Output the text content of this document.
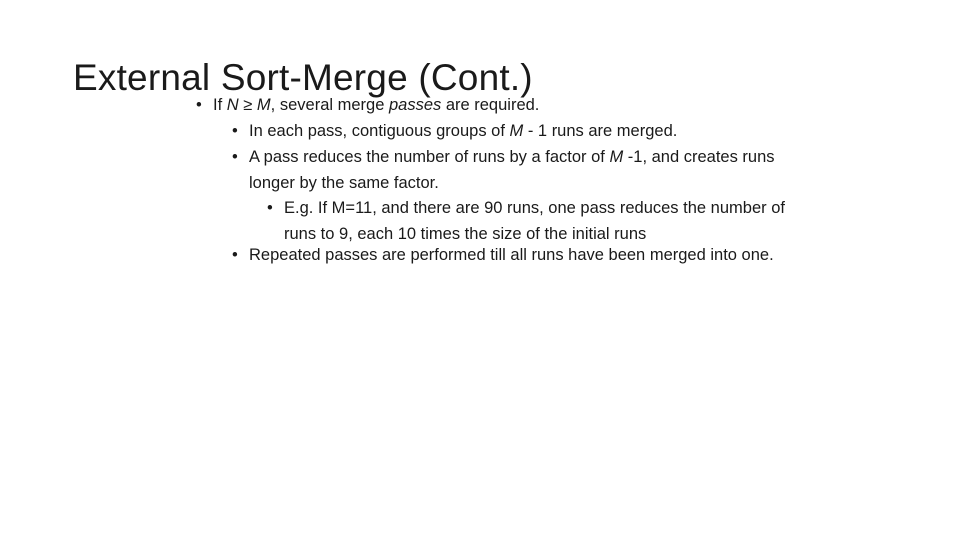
External Sort-Merge (Cont.)

• If N ≥ M, several merge passes are required.

• In each pass, contiguous groups of M - 1 runs are merged.

• A pass reduces the number of runs by a factor of M -1, and creates runs longer by the same factor.

• E.g. If M=11, and there are 90 runs, one pass reduces the number of runs to 9, each 10 times the size of the initial runs

• Repeated passes are performed till all runs have been merged into one.
